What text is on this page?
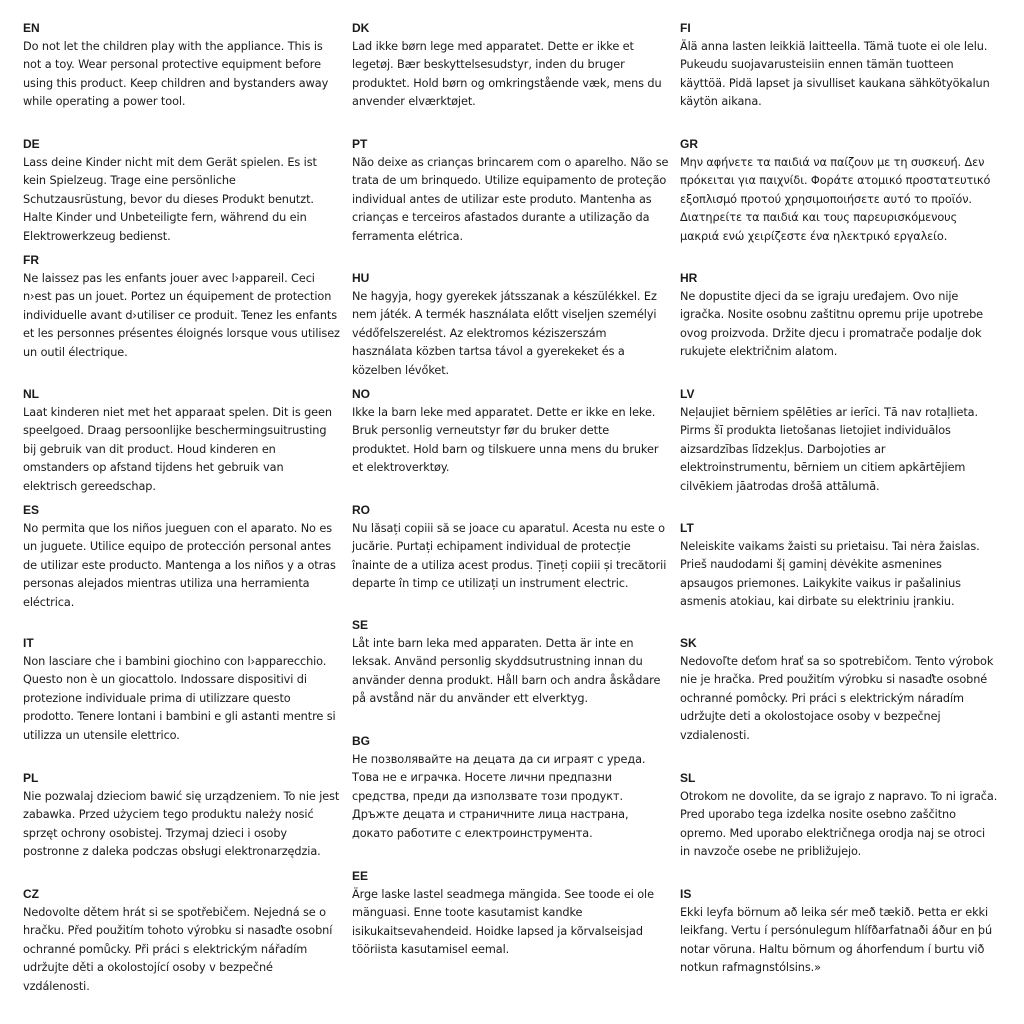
EN

Do not let the children play with the appliance. This is not a toy. Wear personal protective equipment before using this product. Keep children and bystanders away while operating a power tool.

DE

Lass deine Kinder nicht mit dem Gerät spielen. Es ist kein Spielzeug. Trage eine persönliche Schutzausrüstung, bevor du dieses Produkt benutzt. Halte Kinder und Unbeteiligte fern, während du ein Elektrowerkzeug bedienst.

FR

Ne laissez pas les enfants jouer avec l›appareil. Ceci n›est pas un jouet. Portez un équipement de protection individuelle avant d›utiliser ce produit. Tenez les enfants et les personnes présentes éloignés lorsque vous utilisez un outil électrique.

NL

Laat kinderen niet met het apparaat spelen. Dit is geen speelgoed. Draag persoonlijke beschermingsuitrusting bij gebruik van dit product. Houd kinderen en omstanders op afstand tijdens het gebruik van elektrisch gereedschap.

ES

No permita que los niños jueguen con el aparato. No es un juguete. Utilice equipo de protección personal antes de utilizar este producto. Mantenga a los niños y a otras personas alejados mientras utiliza una herramienta eléctrica.

IT

Non lasciare che i bambini giochino con l›apparecchio. Questo non è un giocattolo. Indossare dispositivi di protezione individuale prima di utilizzare questo prodotto. Tenere lontani i bambini e gli astanti mentre si utilizza un utensile elettrico.

PL

Nie pozwalaj dzieciom bawić się urządzeniem. To nie jest zabawka. Przed użyciem tego produktu należy nosić sprzęt ochrony osobistej. Trzymaj dzieci i osoby postronne z daleka podczas obsługi elektronarzędzia.

CZ

Nedovolte dětem hrát si se spotřebičem. Nejedná se o hračku. Před použitím tohoto výrobku si nasaďte osobní ochranné pomůcky. Při práci s elektrickým nářadím udržujte děti a okolostojící osoby v bezpečné vzdálenosti.

DK

Lad ikke børn lege med apparatet. Dette er ikke et legetøj. Bær beskyttelsesudstyr, inden du bruger produktet. Hold børn og omkringstående væk, mens du anvender elværktøjet.

PT

Não deixe as crianças brincarem com o aparelho. Não se trata de um brinquedo. Utilize equipamento de proteção individual antes de utilizar este produto. Mantenha as crianças e terceiros afastados durante a utilização da ferramenta elétrica.

HU

Ne hagyja, hogy gyerekek játsszanak a készülékkel. Ez nem játék. A termék használata előtt viseljen személyi védőfelszerelést. Az elektromos kéziszerszám használata közben tartsa távol a gyerekeket és a közelben lévőket.

NO

Ikke la barn leke med apparatet. Dette er ikke en leke. Bruk personlig verneutstyr før du bruker dette produktet. Hold barn og tilskuere unna mens du bruker et elektroverktøy.

RO

Nu lăsați copiii să se joace cu aparatul. Acesta nu este o jucărie. Purtați echipament individual de protecție înainte de a utiliza acest produs. Țineți copiii și trecătorii departe în timp ce utilizați un instrument electric.

SE

Låt inte barn leka med apparaten. Detta är inte en leksak. Använd personlig skyddsutrustning innan du använder denna produkt. Håll barn och andra åskådare på avstånd när du använder ett elverktyg.

BG

Не позволявайте на децата да си играят с уреда. Това не е играчка. Носете лични предпазни средства, преди да използвате този продукт. Дръжте децата и страничните лица настрана, докато работите с електроинструмента.

EE

Ärge laske lastel seadmega mängida. See toode ei ole mänguasi. Enne toote kasutamist kandke isikukaitsevahendeid. Hoidke lapsed ja kõrvalseisjad tööriista kasutamisel eemal.

FI

Älä anna lasten leikkiä laitteella. Tämä tuote ei ole lelu. Pukeudu suojavarusteisiin ennen tämän tuotteen käyttöä. Pidä lapset ja sivulliset kaukana sähkötyökalun käytön aikana.

GR

Μην αφήνετε τα παιδιά να παίζουν με τη συσκευή. Δεν πρόκειται για παιχνίδι. Φοράτε ατομικό προστατευτικό εξοπλισμό προτού χρησιμοποιήσετε αυτό το προϊόν. Διατηρείτε τα παιδιά και τους παρευρισκόμενους μακριά ενώ χειρίζεστε ένα ηλεκτρικό εργαλείο.

HR

Ne dopustite djeci da se igraju uređajem. Ovo nije igračka. Nosite osobnu zaštitnu opremu prije upotrebe ovog proizvoda. Držite djecu i promatrače podalje dok rukujete električnim alatom.

LV

Neļaujiet bērniem spēlēties ar ierīci. Tā nav rotaļlieta. Pirms šī produkta lietošanas lietojiet individuālos aizsardzības līdzekļus. Darbojoties ar elektroinstrumentu, bērniem un citiem apkārtējiem cilvēkiem jāatrodas drošā attālumā.

LT

Neleiskite vaikams žaisti su prietaisu. Tai nėra žaislas. Prieš naudodami šį gaminį dėvėkite asmenines apsaugos priemones. Laikykite vaikus ir pašalinius asmenis atokiau, kai dirbate su elektriniu įrankiu.

SK

Nedovoľte deťom hrať sa so spotrebičom. Tento výrobok nie je hračka. Pred použitím výrobku si nasaďte osobné ochranné pomôcky. Pri práci s elektrickým náradím udržujte deti a okolostojace osoby v bezpečnej vzdialenosti.

SL

Otrokom ne dovolite, da se igrajo z napravo. To ni igrača. Pred uporabo tega izdelka nosite osebno zaščitno opremo. Med uporabo električnega orodja naj se otroci in navzoče osebe ne približujejo.

IS

Ekki leyfa börnum að leika sér með tækið. Þetta er ekki leikfang. Vertu í persónulegum hlífðarfatnaði áður en þú notar vöruna. Haltu börnum og áhorfendum í burtu við notkun rafmagnstólsins.»
